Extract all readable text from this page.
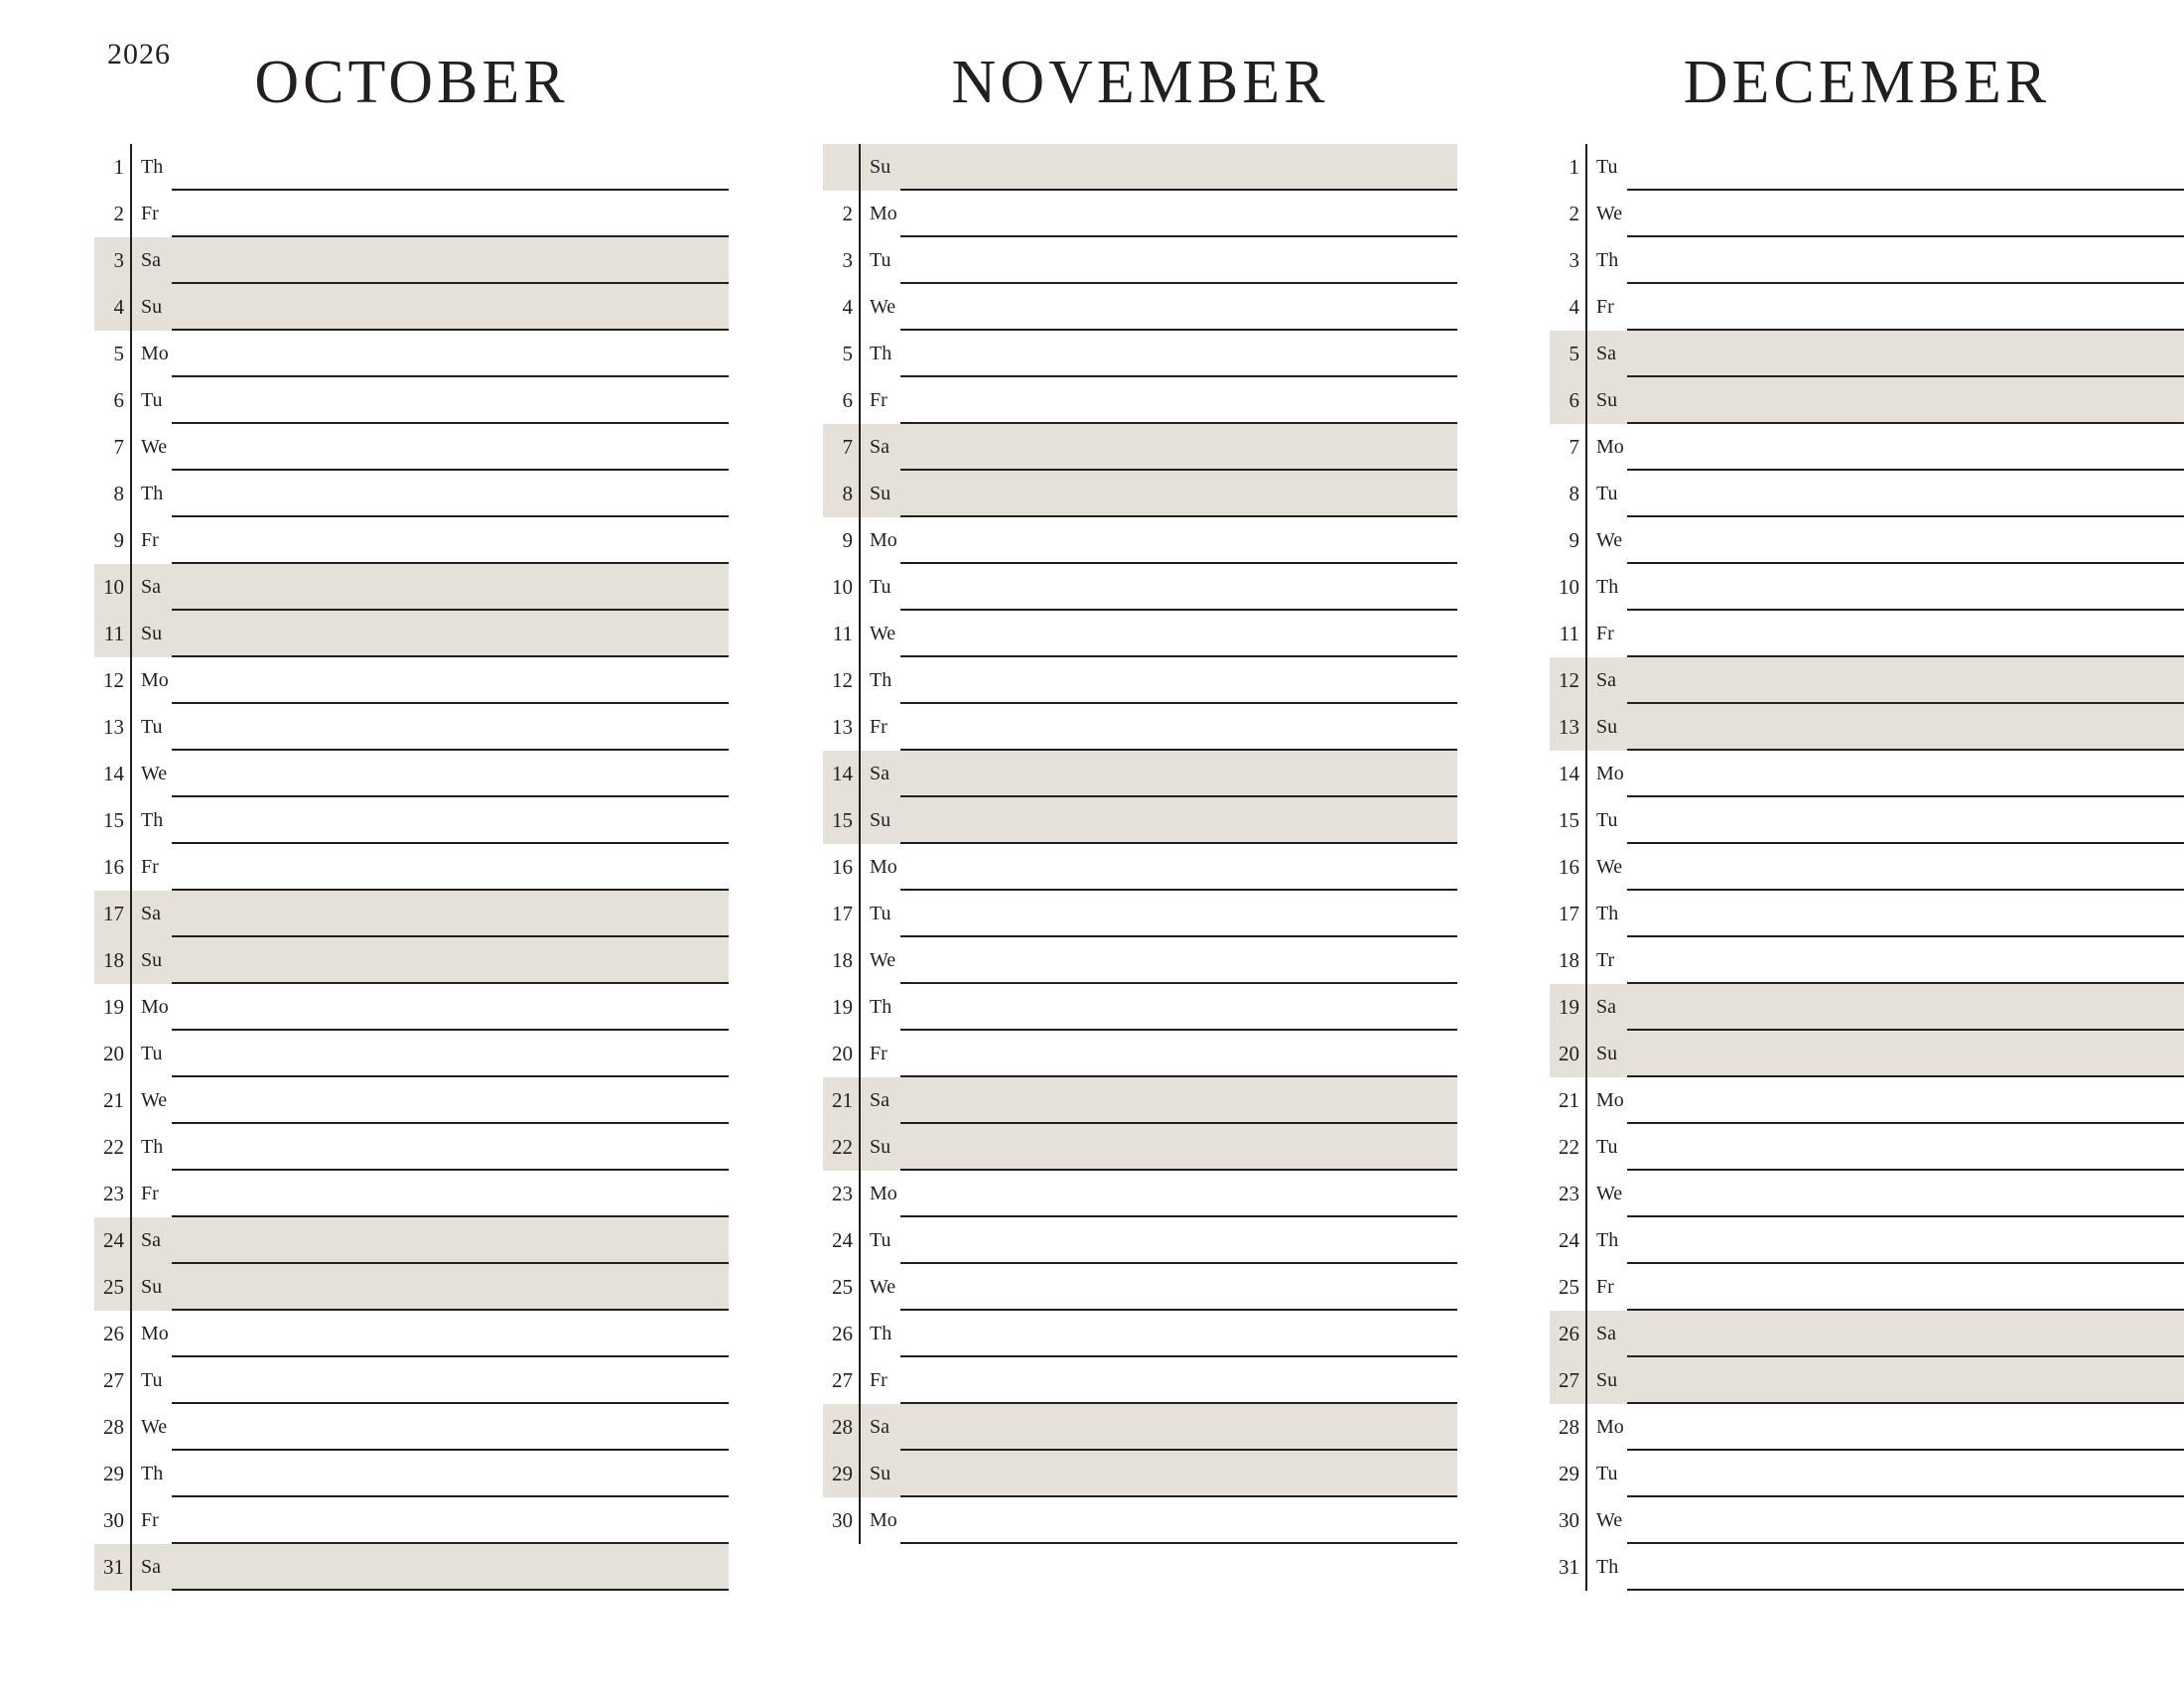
2026	OCTOBER
1 Th
2 Fr
3 Sa
4 Su
5 Mo
6 Tu
7 We
8 Th
9 Fr
10 Sa
11 Su
12 Mo
13 Tu
14 We
15 Th
16 Fr
17 Sa
18 Su
19 Mo
20 Tu
21 We
22 Th
23 Fr
24 Sa
25 Su
26 Mo
27 Tu
28 We
29 Th
30 Fr
31 Sa
NOVEMBER
Su
2 Mo
3 Tu
4 We
5 Th
6 Fr
7 Sa
8 Su
9 Mo
10 Tu
11 We
12 Th
13 Fr
14 Sa
15 Su
16 Mo
17 Tu
18 We
19 Th
20 Fr
21 Sa
22 Su
23 Mo
24 Tu
25 We
26 Th
27 Fr
28 Sa
29 Su
30 Mo
DECEMBER
1 Tu
2 We
3 Th
4 Fr
5 Sa
6 Su
7 Mo
8 Tu
9 We
10 Th
11 Fr
12 Sa
13 Su
14 Mo
15 Tu
16 We
17 Th
18 Tr
19 Sa
20 Su
21 Mo
22 Tu
23 We
24 Th
25 Fr
26 Sa
27 Su
28 Mo
29 Tu
30 We
31 Th
